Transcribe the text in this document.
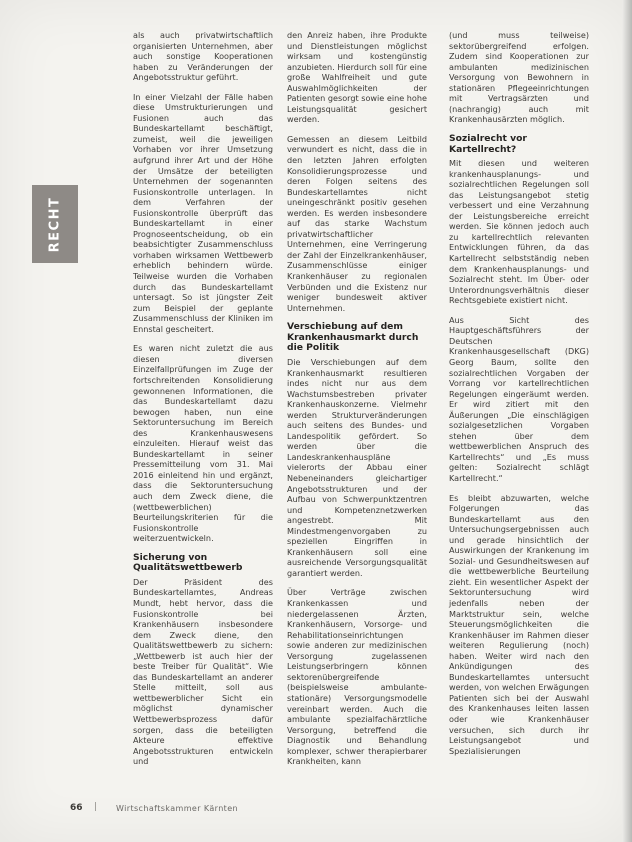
RECHT

als auch privatwirtschaftlich organisierten Unternehmen, aber auch sonstige Kooperationen haben zu Veränderungen der Angebotsstruktur geführt.

In einer Vielzahl der Fälle haben diese Umstrukturierungen und Fusionen auch das Bundeskartellamt beschäftigt, zumeist, weil die jeweiligen Vorhaben vor ihrer Umsetzung aufgrund ihrer Art und der Höhe der Umsätze der beteiligten Unternehmen der sogenannten Fusionskontrolle unterlagen. In dem Verfahren der Fusionskontrolle überprüft das Bundeskartellamt in einer Prognoseentscheidung, ob ein beabsichtigter Zusammenschluss vorhaben wirksamen Wettbewerb erheblich behindern würde. Teilweise wurden die Vorhaben durch das Bundeskartellamt untersagt. So ist jüngster Zeit zum Beispiel der geplante Zusammenschluss der Kliniken im Ennstal gescheitert.

Es waren nicht zuletzt die aus diesen diversen Einzelfallprüfungen im Zuge der fortschreitenden Konsolidierung gewonnenen Informationen, die das Bundeskartellamt dazu bewogen haben, nun eine Sektoruntersuchung im Bereich des Krankenhauswesens einzuleiten. Hierauf weist das Bundeskartellamt in seiner Pressemitteilung vom 31. Mai 2016 einleitend hin und ergänzt, dass die Sektoruntersuchung auch dem Zweck diene, die (wettbewerblichen) Beurteilungskriterien für die Fusionskontrolle weiterzuentwickeln.

Sicherung von Qualitätswettbewerb

Der Präsident des Bundeskartellamtes, Andreas Mundt, hebt hervor, dass die Fusionskontrolle bei Krankenhäusern insbesondere dem Zweck diene, den Qualitätswettbewerb zu sichern: „Wettbewerb ist auch hier der beste Treiber für Qualität“. Wie das Bundeskartellamt an anderer Stelle mitteilt, soll aus wettbewerblicher Sicht ein möglichst dynamischer Wettbewerbsprozess dafür sorgen, dass die beteiligten Akteure effektive Angebotsstrukturen entwickeln und

den Anreiz haben, ihre Produkte und Dienstleistungen möglichst wirksam und kostengünstig anzubieten. Hierdurch soll für eine große Wahlfreiheit und gute Auswahlmöglichkeiten der Patienten gesorgt sowie eine hohe Leistungsqualität gesichert werden.

Gemessen an diesem Leitbild verwundert es nicht, dass die in den letzten Jahren erfolgten Konsolidierungsprozesse und deren Folgen seitens des Bundeskartellamtes nicht uneingeschränkt positiv gesehen werden. Es werden insbesondere auf das starke Wachstum privatwirtschaftlicher Unternehmen, eine Verringerung der Zahl der Einzelkrankenhäuser, Zusammenschlüsse einiger Krankenhäuser zu regionalen Verbünden und die Existenz nur weniger bundesweit aktiver Unternehmen.

Verschiebung auf dem Krankenhausmarkt durch die Politik

Die Verschiebungen auf dem Krankenhausmarkt resultieren indes nicht nur aus dem Wachstumsbestreben privater Krankenhauskonzerne. Vielmehr werden Strukturveränderungen auch seitens des Bundes- und Landespolitik gefördert. So werden über die Landeskrankenhauspläne vielerorts der Abbau einer Nebeneinanders gleichartiger Angebotsstrukturen und der Aufbau von Schwerpunktzentren und Kompetenznetzwerken angestrebt. Mit Mindestmengenvorgaben zu speziellen Eingriffen in Krankenhäusern soll eine ausreichende Versorgungsqualität garantiert werden.

Über Verträge zwischen Krankenkassen und niedergelassenen Ärzten, Krankenhäusern, Vorsorge- und Rehabilitationseinrichtungen sowie anderen zur medizinischen Versorgung zugelassenen Leistungserbringern können sektorenübergreifende (beispielsweise ambulante-stationäre) Versorgungsmodelle vereinbart werden. Auch die ambulante spezialfachärztliche Versorgung, betreffend die Diagnostik und Behandlung komplexer, schwer therapierbarer Krankheiten, kann

(und muss teilweise) sektorübergreifend erfolgen. Zudem sind Kooperationen zur ambulanten medizinischen Versorgung von Bewohnern in stationären Pflegeeinrichtungen mit Vertragsärzten und (nachrangig) auch mit Krankenhausärzten möglich.

Sozialrecht vor Kartellrecht?

Mit diesen und weiteren krankenhausplanungs- und sozialrechtlichen Regelungen soll das Leistungsangebot stetig verbessert und eine Verzahnung der Leistungsbereiche erreicht werden. Sie können jedoch auch zu kartellrechtlich relevanten Entwicklungen führen, da das Kartellrecht selbstständig neben dem Krankenhausplanungs- und Sozialrecht steht. Im Über- oder Unterordnungsverhältnis dieser Rechtsgebiete existiert nicht.

Aus Sicht des Hauptgeschäftsführers der Deutschen Krankenhausgesellschaft (DKG) Georg Baum, sollte den sozialrechtlichen Vorgaben der Vorrang vor kartellrechtlichen Regelungen eingeräumt werden. Er wird zitiert mit den Äußerungen „Die einschlägigen sozialgesetzlichen Vorgaben stehen über dem wettbewerblichen Anspruch des Kartellrechts“ und „Es muss gelten: Sozialrecht schlägt Kartellrecht.“

Es bleibt abzuwarten, welche Folgerungen das Bundeskartellamt aus den Untersuchungsergebnissen auch und gerade hinsichtlich der Auswirkungen der Krankenung im Sozial- und Gesundheitswesen auf die wettbewerbliche Beurteilung zieht. Ein wesentlicher Aspekt der Sektoruntersuchung wird jedenfalls neben der Marktstruktur sein, welche Steuerungsmöglichkeiten die Krankenhäuser im Rahmen dieser weiteren Regulierung (noch) haben. Weiter wird nach den Ankündigungen des Bundeskartellamtes untersucht werden, von welchen Erwägungen Patienten sich bei der Auswahl des Krankenhauses leiten lassen oder wie Krankenhäuser versuchen, sich durch ihr Leistungsangebot und Spezialisierungen

66 | Wirtschaftskammer Kärnten
